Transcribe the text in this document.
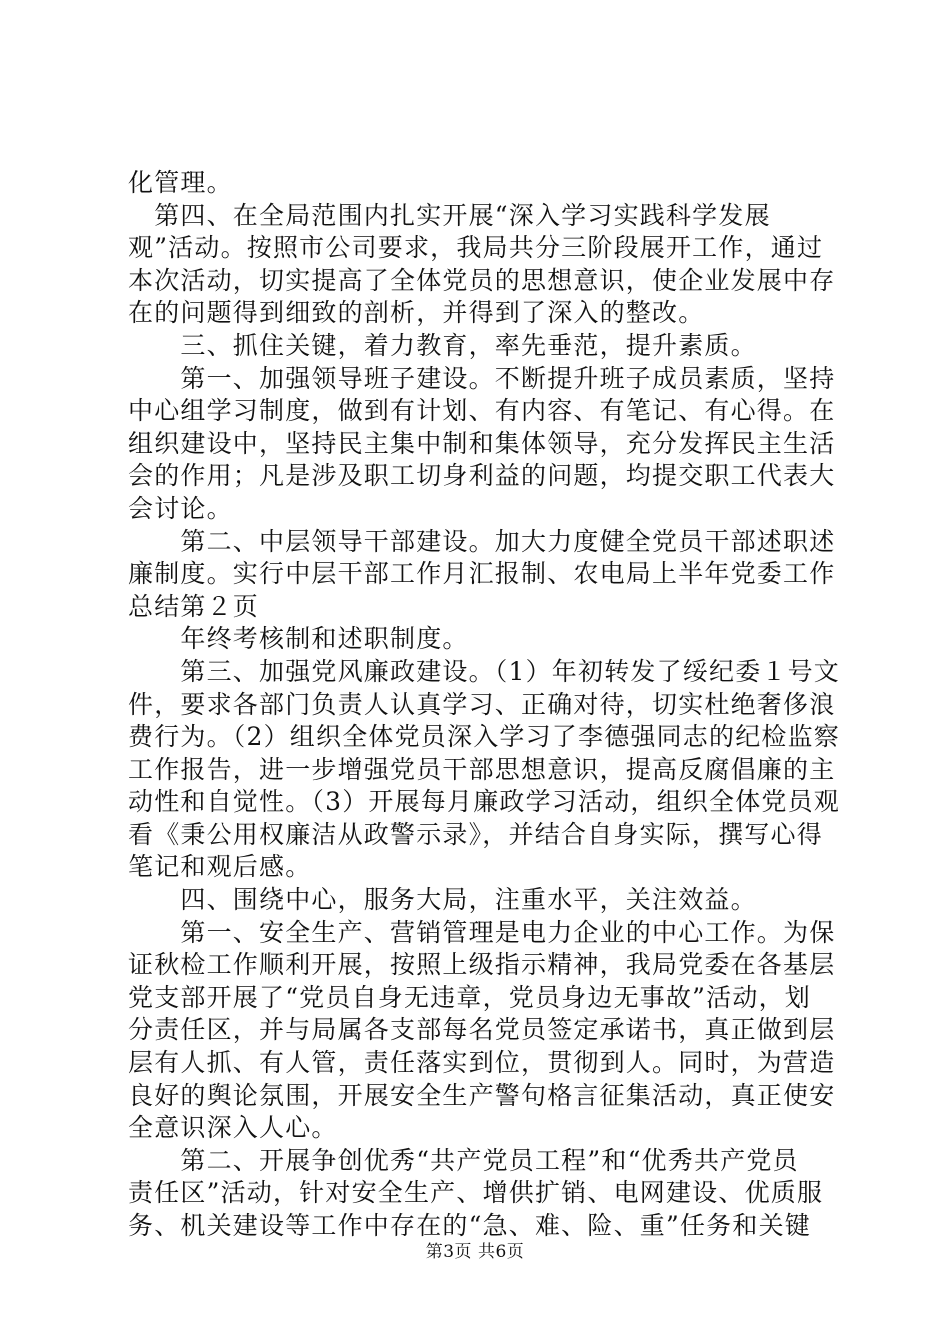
化管理。
　第四、在全局范围内扎实开展“深入学习实践科学发展
观”活动。按照市公司要求，我局共分三阶段展开工作，通过
本次活动，切实提高了全体党员的思想意识，使企业发展中存
在的问题得到细致的剖析，并得到了深入的整改。
　　三、抓住关键，着力教育，率先垂范，提升素质。
　　第一、加强领导班子建设。不断提升班子成员素质，坚持
中心组学习制度，做到有计划、有内容、有笔记、有心得。在
组织建设中，坚持民主集中制和集体领导，充分发挥民主生活
会的作用；凡是涉及职工切身利益的问题，均提交职工代表大
会讨论。
　　第二、中层领导干部建设。加大力度健全党员干部述职述
廉制度。实行中层干部工作月汇报制、农电局上半年党委工作
总结第２页
　　年终考核制和述职制度。
　　第三、加强党风廉政建设。（1）年初转发了绥纪委１号文
件，要求各部门负责人认真学习、正确对待，切实杜绝奢侈浪
费行为。（2）组织全体党员深入学习了李德强同志的纪检监察
工作报告，进一步增强党员干部思想意识，提高反腐倡廉的主
动性和自觉性。（3）开展每月廉政学习活动，组织全体党员观
看《秉公用权廉洁从政警示录》，并结合自身实际，撰写心得
笔记和观后感。
　　四、围绕中心，服务大局，注重水平，关注效益。
　　第一、安全生产、营销管理是电力企业的中心工作。为保
证秋检工作顺利开展，按照上级指示精神，我局党委在各基层
党支部开展了“党员自身无违章，党员身边无事故”活动，划
分责任区，并与局属各支部每名党员签定承诺书，真正做到层
层有人抓、有人管，责任落实到位，贯彻到人。同时，为营造
良好的舆论氛围，开展安全生产警句格言征集活动，真正使安
全意识深入人心。
　　第二、开展争创优秀“共产党员工程”和“优秀共产党员
责任区”活动，针对安全生产、增供扩销、电网建设、优质服
务、机关建设等工作中存在的“急、难、险、重”任务和关键
第3页 共6页
